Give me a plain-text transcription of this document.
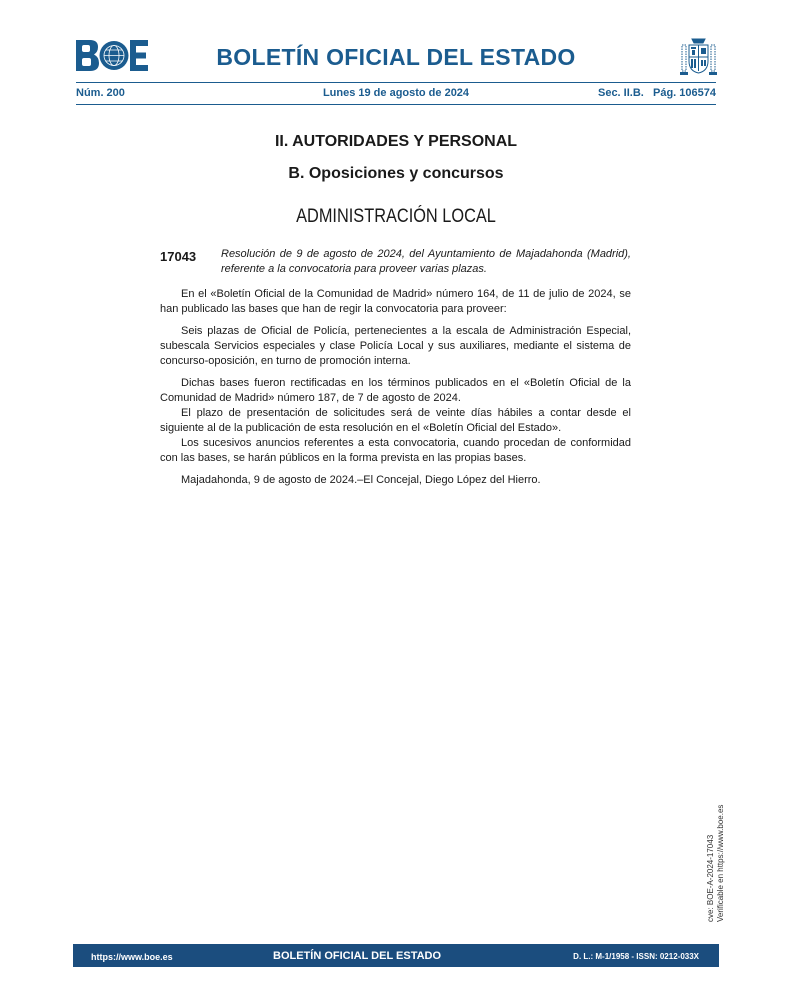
BOLETÍN OFICIAL DEL ESTADO
Núm. 200	Lunes 19 de agosto de 2024	Sec. II.B.   Pág. 106574
II. AUTORIDADES Y PERSONAL
B. Oposiciones y concursos
ADMINISTRACIÓN LOCAL
17043 Resolución de 9 de agosto de 2024, del Ayuntamiento de Majadahonda (Madrid), referente a la convocatoria para proveer varias plazas.

En el «Boletín Oficial de la Comunidad de Madrid» número 164, de 11 de julio de 2024, se han publicado las bases que han de regir la convocatoria para proveer:

Seis plazas de Oficial de Policía, pertenecientes a la escala de Administración Especial, subescala Servicios especiales y clase Policía Local y sus auxiliares, mediante el sistema de concurso-oposición, en turno de promoción interna.

Dichas bases fueron rectificadas en los términos publicados en el «Boletín Oficial de la Comunidad de Madrid» número 187, de 7 de agosto de 2024.

El plazo de presentación de solicitudes será de veinte días hábiles a contar desde el siguiente al de la publicación de esta resolución en el «Boletín Oficial del Estado».

Los sucesivos anuncios referentes a esta convocatoria, cuando procedan de conformidad con las bases, se harán públicos en la forma prevista en las propias bases.

Majadahonda, 9 de agosto de 2024.–El Concejal, Diego López del Hierro.

cve: BOE-A-2024-17043 Verificable en https://www.boe.es
https://www.boe.es	BOLETÍN OFICIAL DEL ESTADO	D. L.: M-1/1958 - ISSN: 0212-033X
